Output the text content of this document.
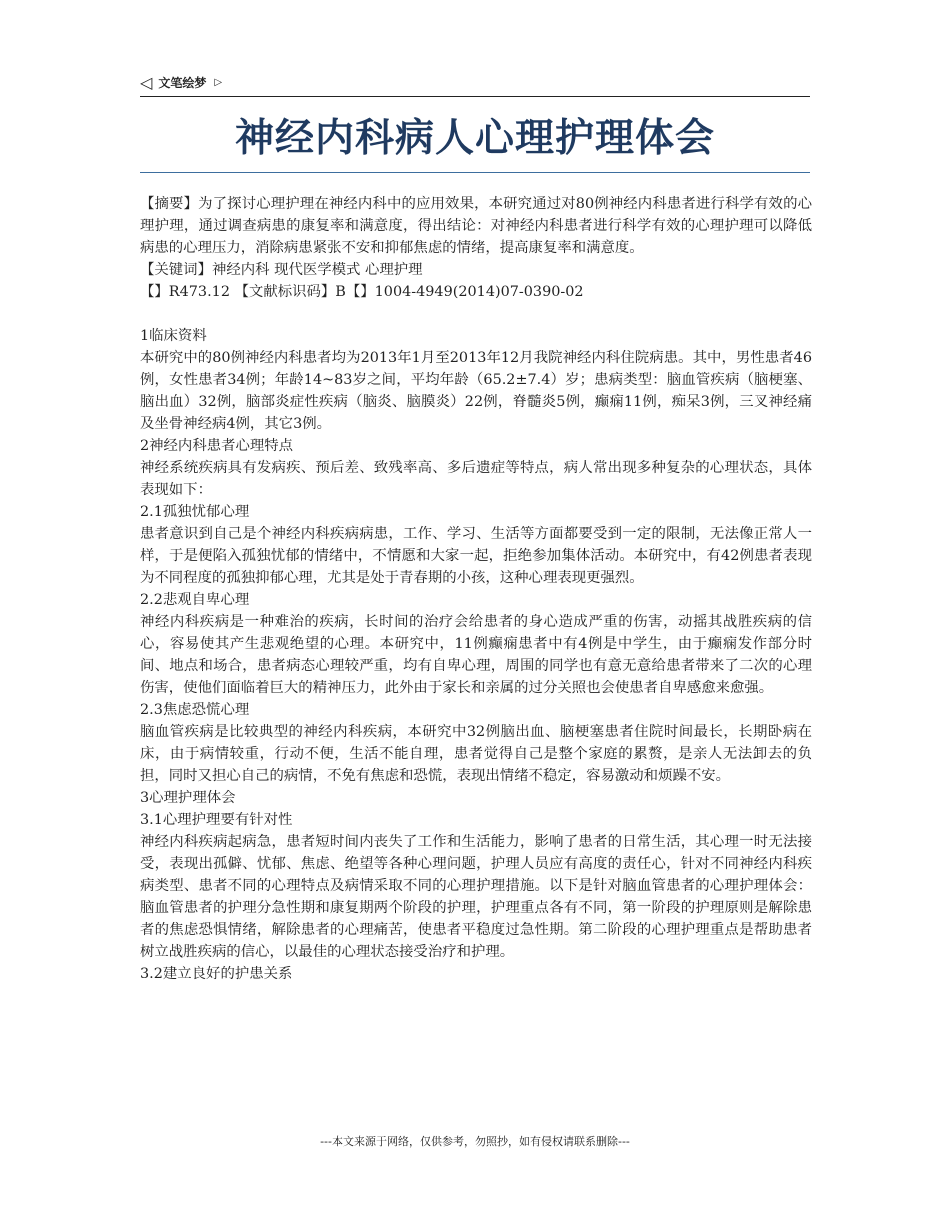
◁ 文笔绘梦 ▷
神经内科病人心理护理体会

【摘要】为了探讨心理护理在神经内科中的应用效果，本研究通过对80例神经内科患者进行科学有效的心理护理，通过调查病患的康复率和满意度，得出结论：对神经内科患者进行科学有效的心理护理可以降低病患的心理压力，消除病患紧张不安和抑郁焦虑的情绪，提高康复率和满意度。

【关键词】神经内科 现代医学模式 心理护理

【】R473.12 【文献标识码】B【】1004-4949(2014)07-0390-02

1临床资料

本研究中的80例神经内科患者均为2013年1月至2013年12月我院神经内科住院病患。其中，男性患者46例，女性患者34例；年龄14~83岁之间，平均年龄（65.2±7.4）岁；患病类型：脑血管疾病（脑梗塞、脑出血）32例，脑部炎症性疾病（脑炎、脑膜炎）22例，脊髓炎5例，癫痫11例，痴呆3例，三叉神经痛及坐骨神经病4例，其它3例。

2神经内科患者心理特点

神经系统疾病具有发病疾、预后差、致残率高、多后遗症等特点，病人常出现多种复杂的心理状态，具体表现如下：

2.1孤独忧郁心理

患者意识到自己是个神经内科疾病病患，工作、学习、生活等方面都要受到一定的限制，无法像正常人一样，于是便陷入孤独忧郁的情绪中，不情愿和大家一起，拒绝参加集体活动。本研究中，有42例患者表现为不同程度的孤独抑郁心理，尤其是处于青春期的小孩，这种心理表现更强烈。

2.2悲观自卑心理

神经内科疾病是一种难治的疾病，长时间的治疗会给患者的身心造成严重的伤害，动摇其战胜疾病的信心，容易使其产生悲观绝望的心理。本研究中，11例癫痫患者中有4例是中学生，由于癫痫发作部分时间、地点和场合，患者病态心理较严重，均有自卑心理，周围的同学也有意无意给患者带来了二次的心理伤害，使他们面临着巨大的精神压力，此外由于家长和亲属的过分关照也会使患者自卑感愈来愈强。

2.3焦虑恐慌心理

脑血管疾病是比较典型的神经内科疾病，本研究中32例脑出血、脑梗塞患者住院时间最长，长期卧病在床，由于病情较重，行动不便，生活不能自理，患者觉得自己是整个家庭的累赘，是亲人无法卸去的负担，同时又担心自己的病情，不免有焦虑和恐慌，表现出情绪不稳定，容易激动和烦躁不安。

3心理护理体会

3.1心理护理要有针对性

神经内科疾病起病急，患者短时间内丧失了工作和生活能力，影响了患者的日常生活，其心理一时无法接受，表现出孤僻、忧郁、焦虑、绝望等各种心理问题，护理人员应有高度的责任心，针对不同神经内科疾病类型、患者不同的心理特点及病情采取不同的心理护理措施。以下是针对脑血管患者的心理护理体会：脑血管患者的护理分急性期和康复期两个阶段的护理，护理重点各有不同，第一阶段的护理原则是解除患者的焦虑恐惧情绪，解除患者的心理痛苦，使患者平稳度过急性期。第二阶段的心理护理重点是帮助患者树立战胜疾病的信心，以最佳的心理状态接受治疗和护理。

3.2建立良好的护患关系

---本文来源于网络，仅供参考，勿照抄，如有侵权请联系删除---
